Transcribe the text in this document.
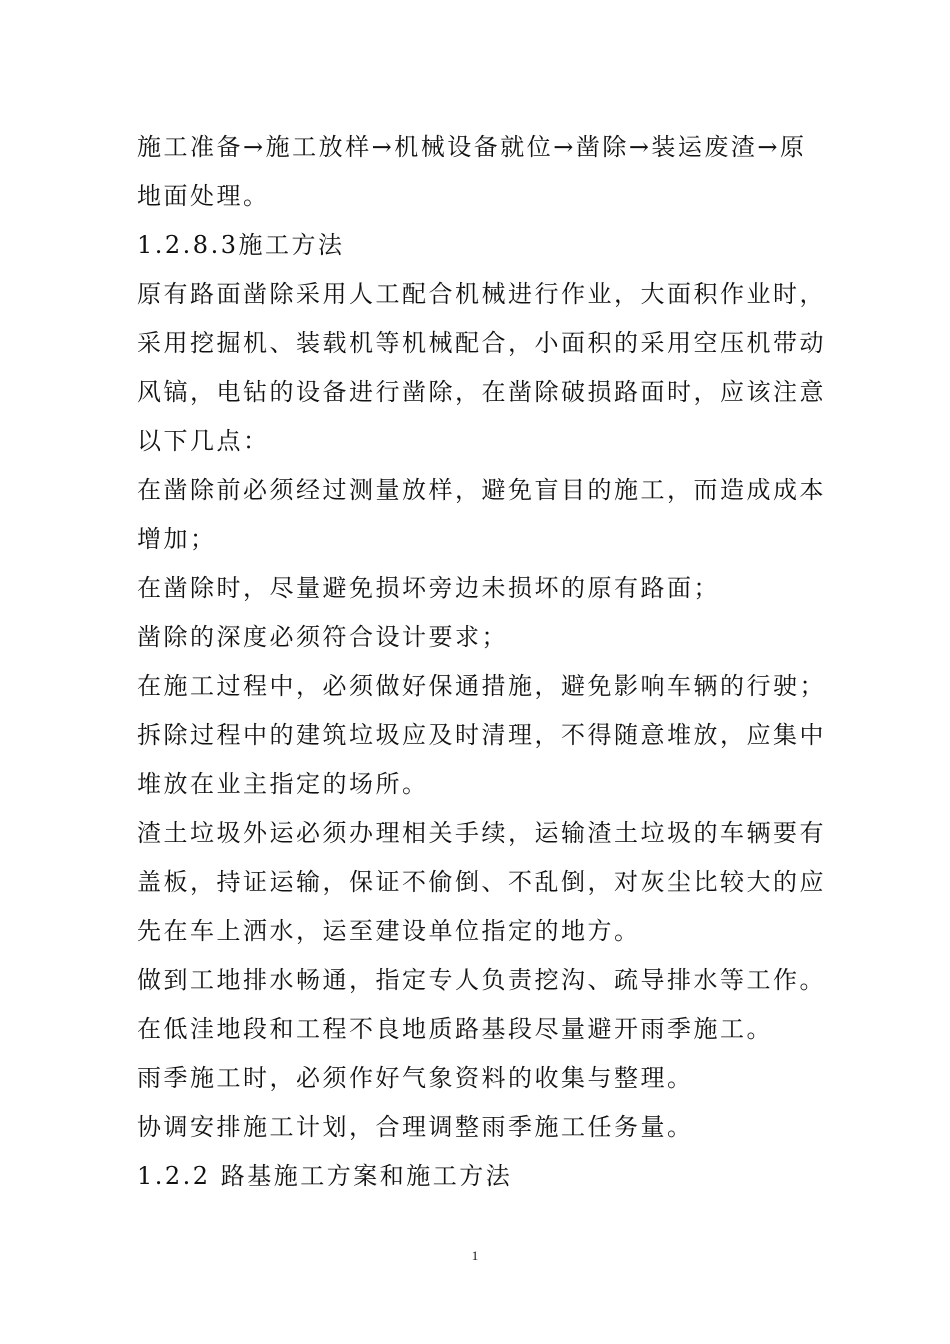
施工准备→施工放样→机械设备就位→凿除→装运废渣→原
地面处理。
1.2.8.3施工方法
原有路面凿除采用人工配合机械进行作业，大面积作业时，
采用挖掘机、装载机等机械配合，小面积的采用空压机带动
风镐，电钻的设备进行凿除，在凿除破损路面时，应该注意
以下几点：
在凿除前必须经过测量放样，避免盲目的施工，而造成成本
增加；
在凿除时，尽量避免损坏旁边未损坏的原有路面；
凿除的深度必须符合设计要求；
在施工过程中，必须做好保通措施，避免影响车辆的行驶；
拆除过程中的建筑垃圾应及时清理，不得随意堆放，应集中
堆放在业主指定的场所。
渣土垃圾外运必须办理相关手续，运输渣土垃圾的车辆要有
盖板，持证运输，保证不偷倒、不乱倒，对灰尘比较大的应
先在车上洒水，运至建设单位指定的地方。
做到工地排水畅通，指定专人负责挖沟、疏导排水等工作。
在低洼地段和工程不良地质路基段尽量避开雨季施工。
雨季施工时，必须作好气象资料的收集与整理。
协调安排施工计划，合理调整雨季施工任务量。
1.2.2 路基施工方案和施工方法
1
